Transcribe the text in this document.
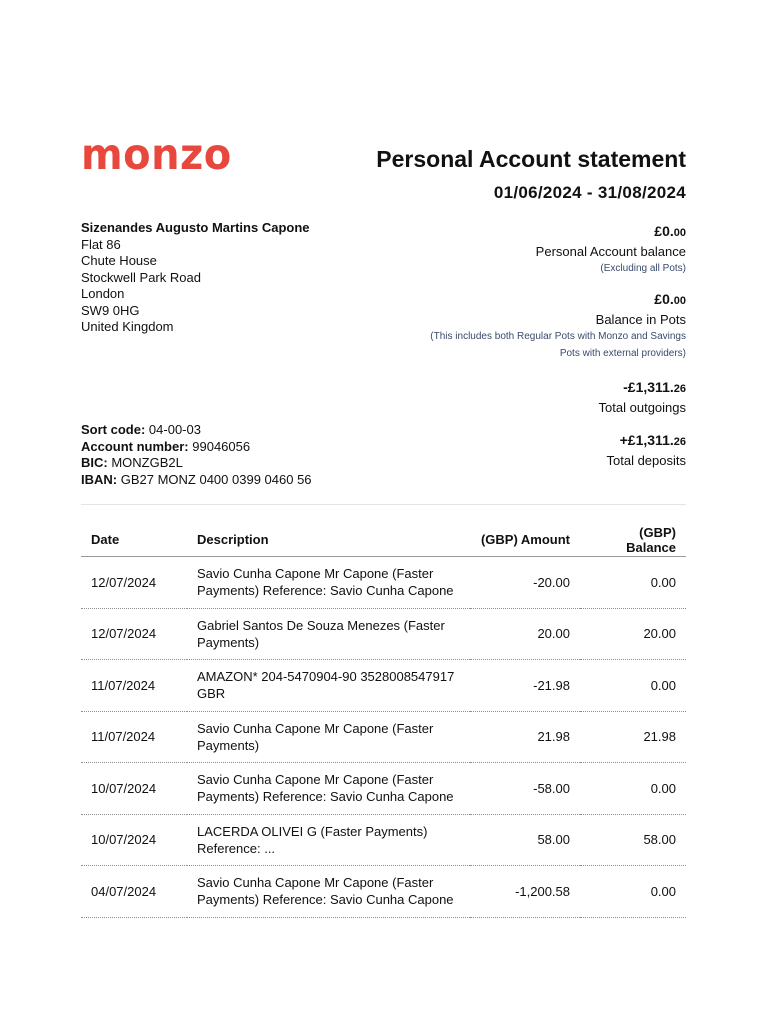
monzo	Personal Account statement
01/06/2024 - 31/08/2024
Sizenandes Augusto Martins Capone
Flat 86
Chute House
Stockwell Park Road
London
SW9 0HG
United Kingdom
£0.00
Personal Account balance
(Excluding all Pots)
£0.00
Balance in Pots
(This includes both Regular Pots with Monzo and Savings
Pots with external providers)
-£1,311.26
Total outgoings
+£1,311.26
Total deposits
Sort code: 04-00-03
Account number: 99046056
BIC: MONZGB2L
IBAN: GB27 MONZ 0400 0399 0460 56
Date	Description	(GBP) Amount	(GBP) Balance
12/07/2024	Savio Cunha Capone Mr Capone (Faster
Payments) Reference: Savio Cunha Capone	-20.00	0.00
12/07/2024	Gabriel Santos De Souza Menezes (Faster
Payments)	20.00	20.00
11/07/2024	AMAZON* 204-5470904-90 3528008547917
GBR	-21.98	0.00
11/07/2024	Savio Cunha Capone Mr Capone (Faster
Payments)	21.98	21.98
10/07/2024	Savio Cunha Capone Mr Capone (Faster
Payments) Reference: Savio Cunha Capone	-58.00	0.00
10/07/2024	LACERDA OLIVEI G (Faster Payments)
Reference: ...	58.00	58.00
04/07/2024	Savio Cunha Capone Mr Capone (Faster
Payments) Reference: Savio Cunha Capone	-1,200.58	0.00
